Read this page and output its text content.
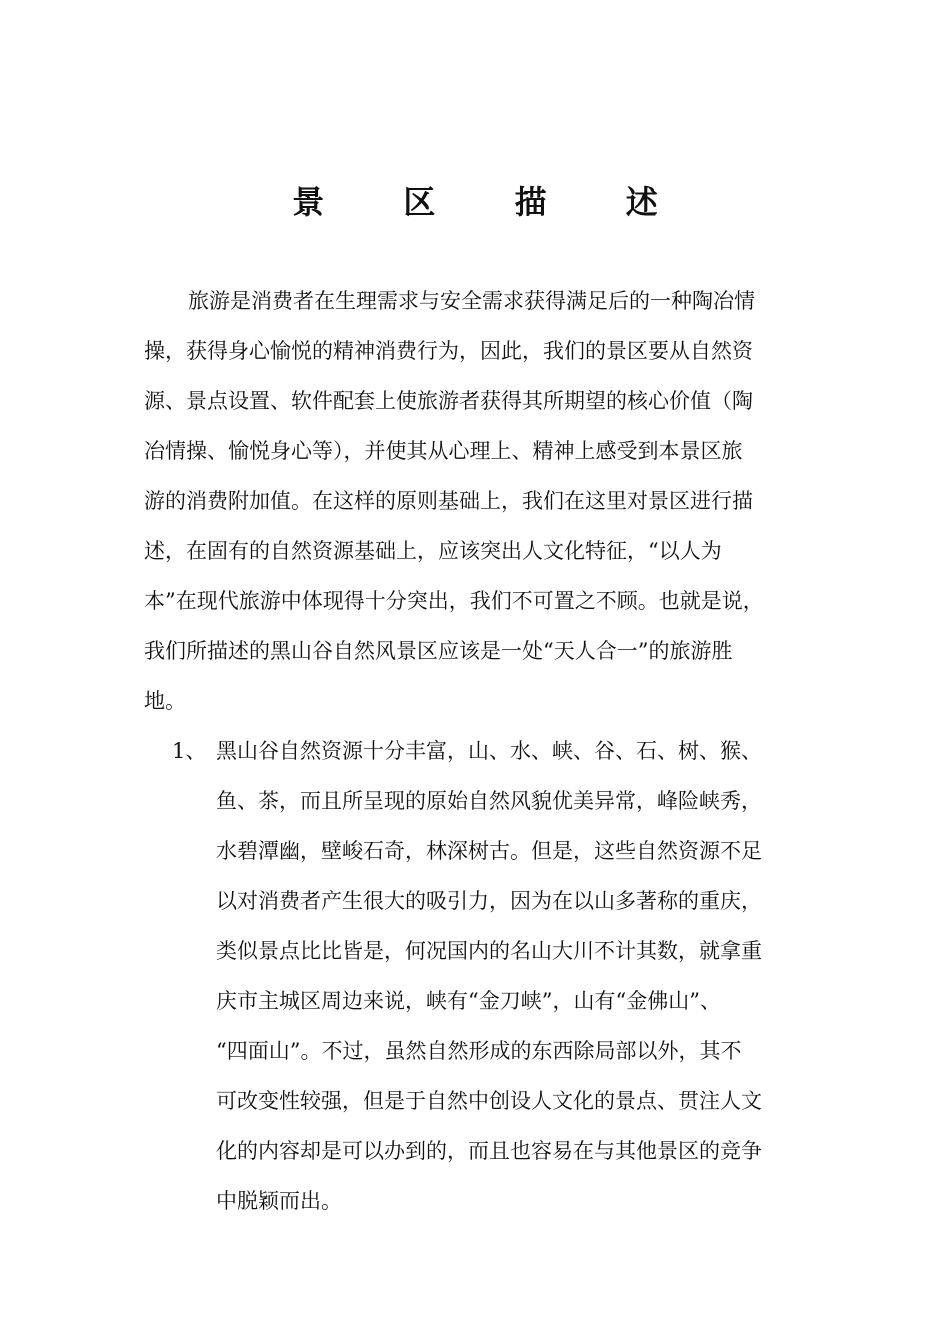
景 区 描 述
旅游是消费者在生理需求与安全需求获得满足后的一种陶冶情
操，获得身心愉悦的精神消费行为，因此，我们的景区要从自然资
源、景点设置、软件配套上使旅游者获得其所期望的核心价值（陶
冶情操、愉悦身心等），并使其从心理上、精神上感受到本景区旅
游的消费附加值。在这样的原则基础上，我们在这里对景区进行描
述，在固有的自然资源基础上，应该突出人文化特征，“以人为
本”在现代旅游中体现得十分突出，我们不可置之不顾。也就是说，
我们所描述的黑山谷自然风景区应该是一处“天人合一”的旅游胜
地。
1、 黑山谷自然资源十分丰富，山、水、峡、谷、石、树、猴、
鱼、茶，而且所呈现的原始自然风貌优美异常，峰险峡秀，
水碧潭幽，壁峻石奇，林深树古。但是，这些自然资源不足
以对消费者产生很大的吸引力，因为在以山多著称的重庆，
类似景点比比皆是，何况国内的名山大川不计其数，就拿重
庆市主城区周边来说，峡有“金刀峡”，山有“金佛山”、
“四面山”。不过，虽然自然形成的东西除局部以外，其不
可改变性较强，但是于自然中创设人文化的景点、贯注人文
化的内容却是可以办到的，而且也容易在与其他景区的竞争
中脱颖而出。
